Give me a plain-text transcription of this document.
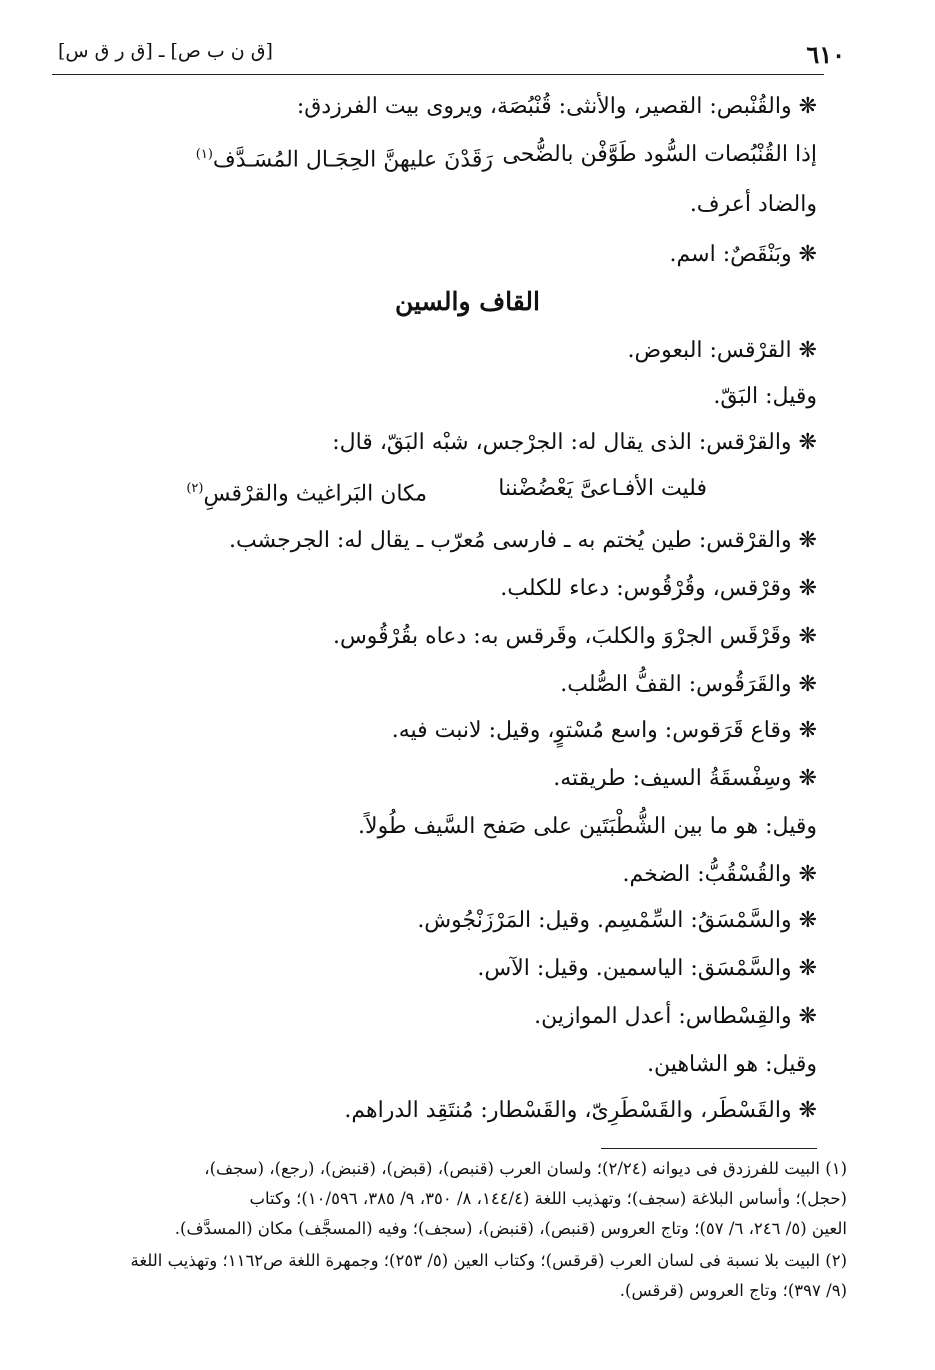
٦١٠
[ق ن ب ص] ـ [ق ر ق س]
❋ والقُنْبص: القصير، والأنثى: قُنْبُصَة، ويروى بيت الفرزدق:
إذا القُنْبُصات السُّود طَوَّفْن بالضُّحى
رَقَدْنَ عليهنَّ الحِجَـال المُسَـدَّف$^{(١)}$
والضاد أعرف.
❋ وبَنْقَصٌ: اسم.
القاف والسين
❋ القرْقس: البعوض.
وقيل: البَقّ.
❋ والقرْقس: الذى يقال له: الجرْجس، شبْه البَقّ، قال:
فليت الأفـاعىَّ يَعْضُضْننا
مكان البَراغيث والقرْقسِ$^{(٢)}$
❋ والقرْقس: طين يُختم به ـ فارسى مُعرّب ـ يقال له: الجرجشب.
❋ وقرْقس، وقُرْقُوس: دعاء للكلب.
❋ وقَرْقَس الجرْوَ والكلبَ، وقَرقس به: دعاه بقُرْقُوس.
❋ والقَرَقُوس: القفُّ الصُّلب.
❋ وقاع قَرَقوس: واسع مُسْتوٍ، وقيل: لانبت فيه.
❋ وسِفْسقَةُ السيف: طريقته.
وقيل: هو ما بين الشُّطْبَتَين على صَفح السَّيف طُولاً.
❋ والقُسْقُبُّ: الضخم.
❋ والسَّمْسَقُ: السِّمْسِم. وقيل: المَرْزَنْجُوش.
❋ والسَّمْسَق: الياسمين. وقيل: الآس.
❋ والقِسْطاس: أعدل الموازين.
وقيل: هو الشاهين.
❋ والقَسْطَر، والقَسْطَرِىّ، والقَسْطار: مُنتَقِد الدراهم.
(١) البيت للفرزدق فى ديوانه (٢/٢٤)؛ ولسان العرب (قنبص)، (قبض)، (قنبض)، (رجع)، (سجف)،
(حجل)؛ وأساس البلاغة (سجف)؛ وتهذيب اللغة (١٤٤/٤، ٨/ ٣٥٠، ٩/ ٣٨٥، ١٠/٥٩٦)؛ وكتاب
العين (٥/ ٢٤٦، ٦/ ٥٧)؛ وتاج العروس (قنبص)، (قنبض)، (سجف)؛ وفيه (المسجَّف) مكان (المسدَّف).
(٢) البيت بلا نسبة فى لسان العرب (قرقس)؛ وكتاب العين (٥/ ٢٥٣)؛ وجمهرة اللغة ص١١٦٢؛ وتهذيب اللغة
(٩/ ٣٩٧)؛ وتاج العروس (قرقس).
